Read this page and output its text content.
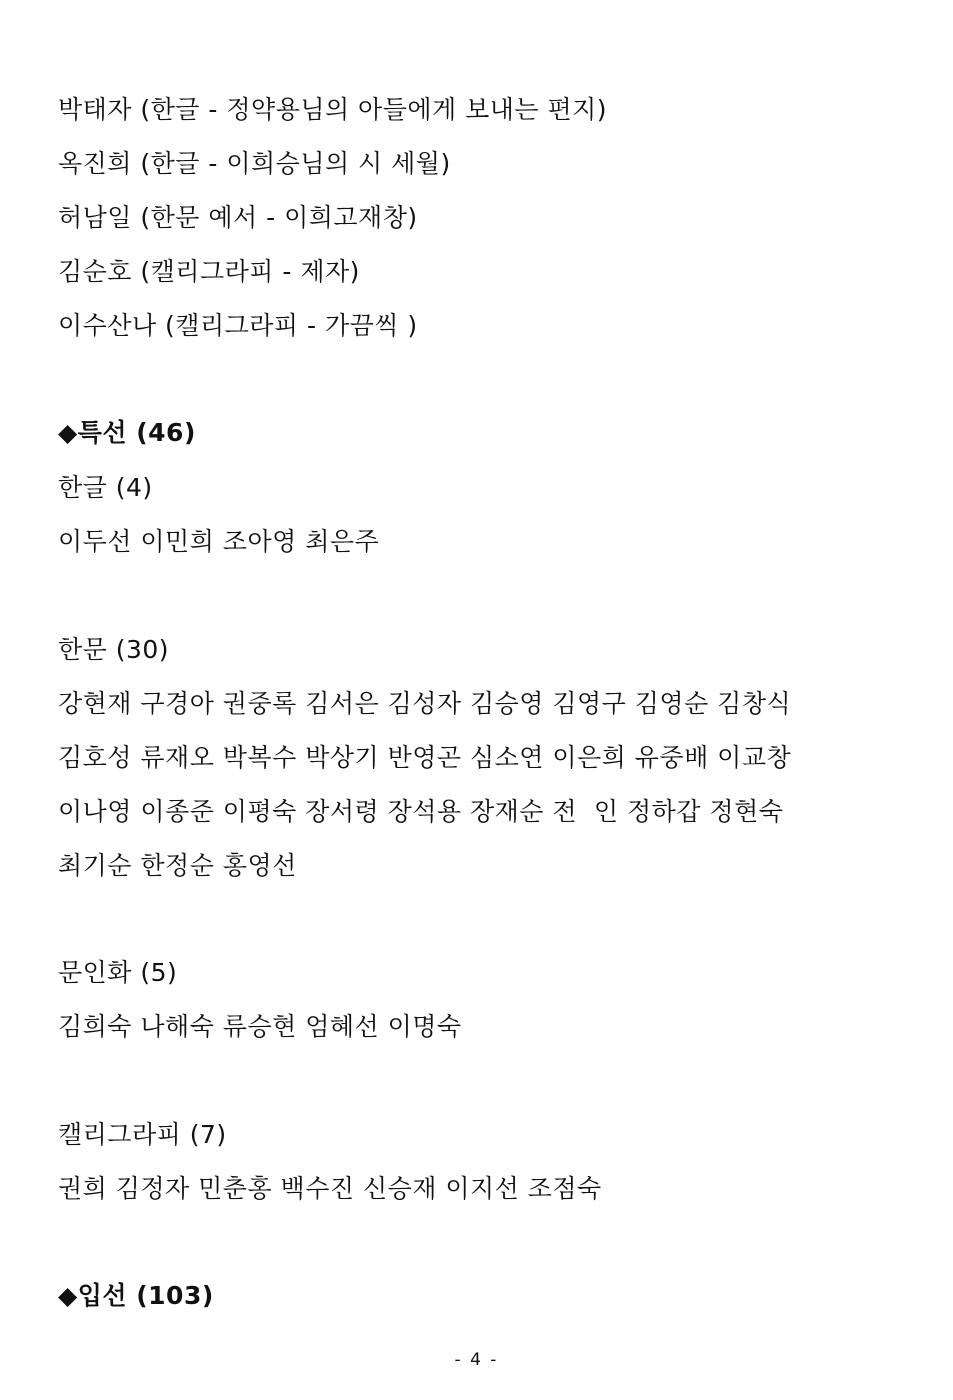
박태자 (한글 - 정약용님의 아들에게 보내는 편지)
옥진희 (한글 - 이희승님의 시 세월)
허남일 (한문 예서 - 이희고재창)
김순호 (캘리그라피 - 제자)
이수산나 (캘리그라피 - 가끔씩 )
◆특선 (46)
한글 (4)
이두선 이민희 조아영 최은주
한문 (30)
강현재 구경아 권중록 김서은 김성자 김승영 김영구 김영순 김창식
김호성 류재오 박복수 박상기 반영곤 심소연 이은희 유중배 이교창
이나영 이종준 이평숙 장서령 장석용 장재순 전  인 정하갑 정현숙
최기순 한정순 홍영선
문인화 (5)
김희숙 나해숙 류승현 엄혜선 이명숙
캘리그라피 (7)
권희 김정자 민춘홍 백수진 신승재 이지선 조점숙
◆입선 (103)
- 4 -
